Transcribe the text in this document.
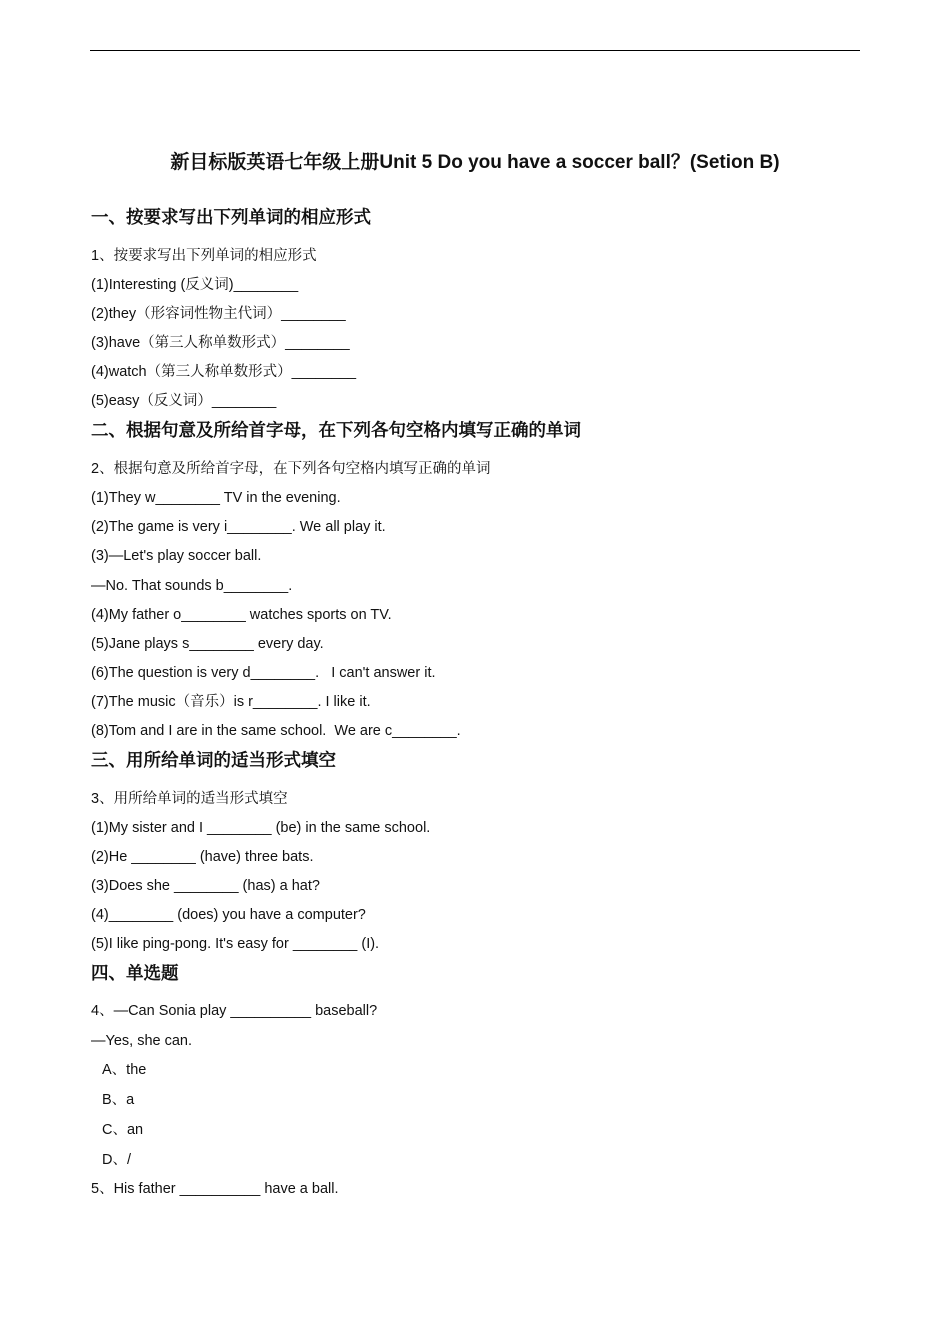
新目标版英语七年级上册Unit 5 Do you have a soccer ball？(Setion B)
一、按要求写出下列单词的相应形式
1、按要求写出下列单词的相应形式
(1)Interesting (反义词)________
(2)they（形容词性物主代词）________
(3)have（第三人称单数形式）________
(4)watch（第三人称单数形式）________
(5)easy（反义词）________
二、根据句意及所给首字母，在下列各句空格内填写正确的单词
2、根据句意及所给首字母，在下列各句空格内填写正确的单词
(1)They w________ TV in the evening.
(2)The game is very i________. We all play it.
(3)—Let's play soccer ball.
—No. That sounds b________.
(4)My father o________ watches sports on TV.
(5)Jane plays s________ every day.
(6)The question is very d________.   I can't answer it.
(7)The music（音乐）is r________. I like it.
(8)Tom and I are in the same school.  We are c________.
三、用所给单词的适当形式填空
3、用所给单词的适当形式填空
(1)My sister and I ________ (be) in the same school.
(2)He ________ (have) three bats.
(3)Does she ________ (has) a hat?
(4)________ (does) you have a computer?
(5)I like ping-pong. It's easy for ________ (I).
四、单选题
4、—Can Sonia play __________ baseball?
—Yes, she can.
A、the
B、a
C、an
D、/
5、His father __________ have a ball.
